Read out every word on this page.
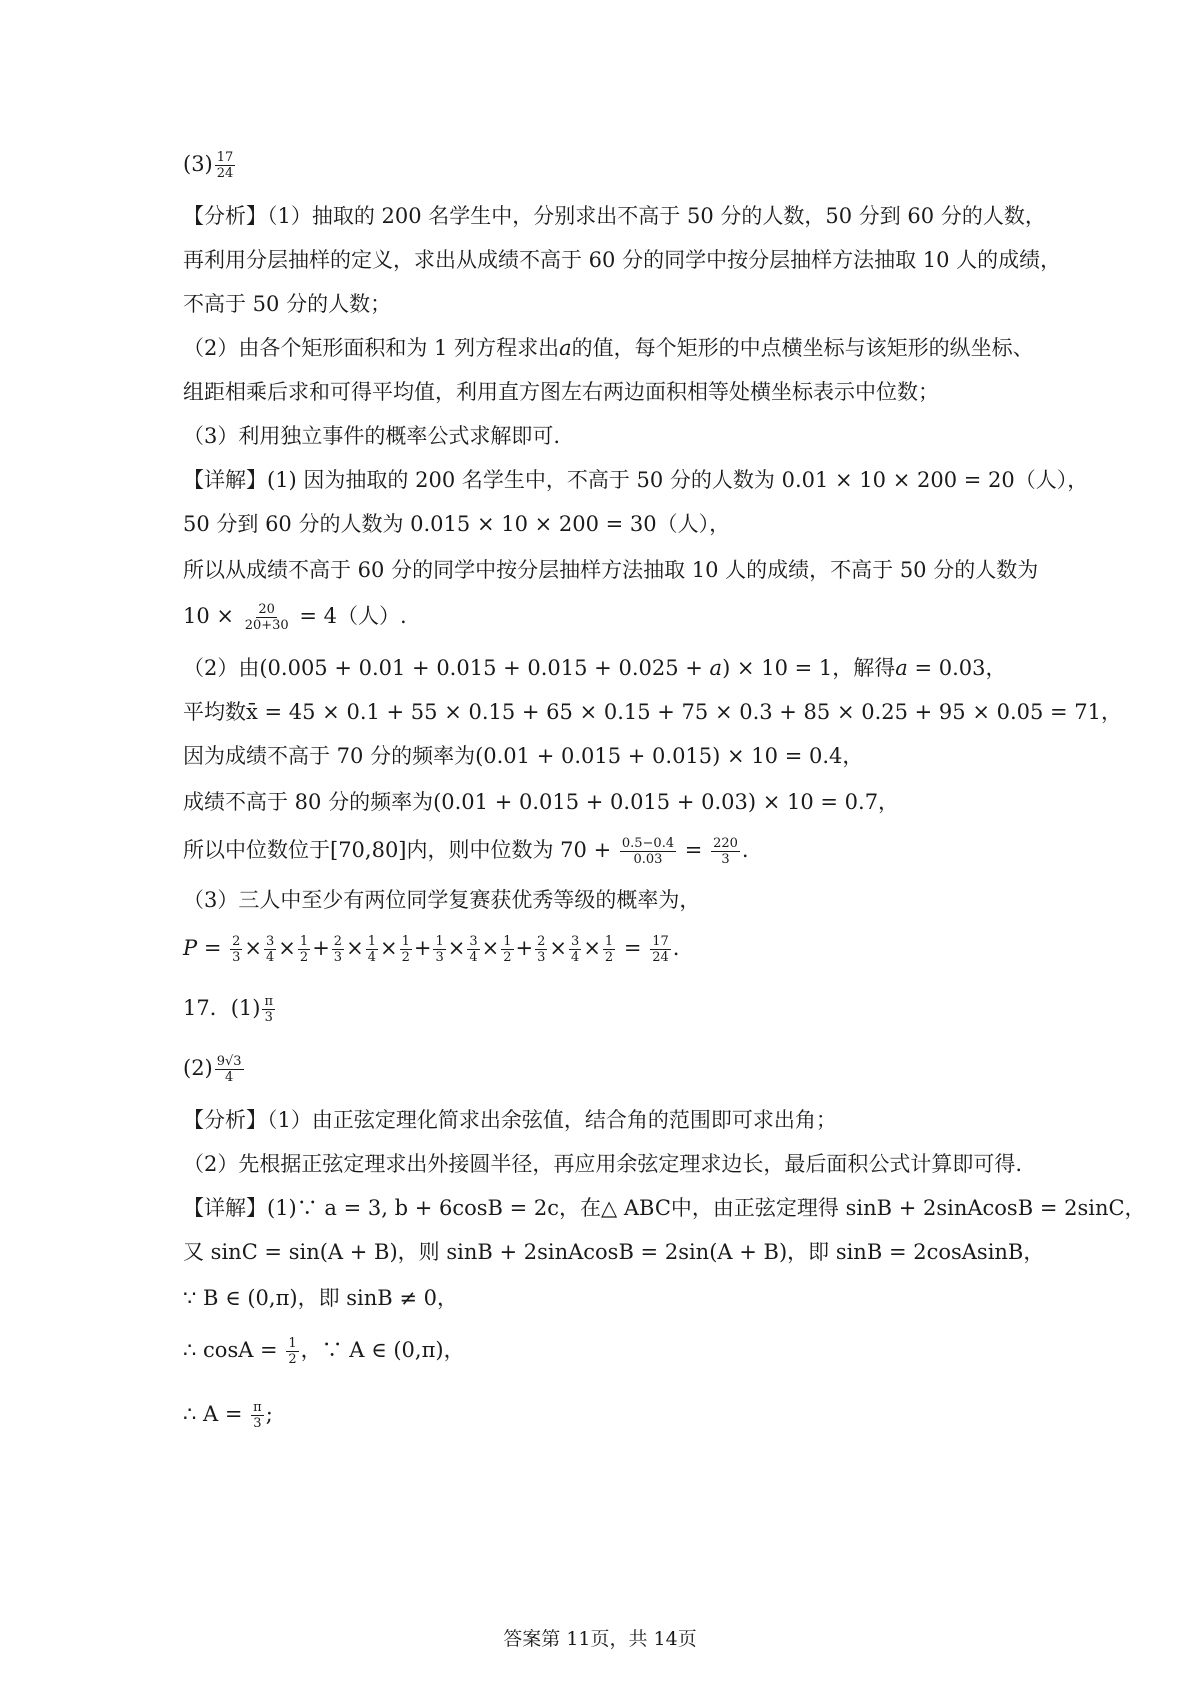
$(3) \frac{17}{24}$
【分析】（1）抽取的 200 名学生中，分别求出不高于 50 分的人数，50 分到 60 分的人数，
再利用分层抽样的定义，求出从成绩不高于 60 分的同学中按分层抽样方法抽取 10 人的成绩，
不高于 50 分的人数；
（2）由各个矩形面积和为 1 列方程求出a的值，每个矩形的中点横坐标与该矩形的纵坐标、
组距相乘后求和可得平均值，利用直方图左右两边面积相等处横坐标表示中位数；
（3）利用独立事件的概率公式求解即可.
【详解】(1) 因为抽取的 200 名学生中，不高于 50 分的人数为 0.01 × 10 × 200 = 20（人），
50 分到 60 分的人数为 0.015 × 10 × 200 = 30（人），
所以从成绩不高于 60 分的同学中按分层抽样方法抽取 10 人的成绩，不高于 50 分的人数为
$10 \times \frac{20}{20+30} = 4$（人）.
（2）由(0.005 + 0.01 + 0.015 + 0.015 + 0.025 + a) × 10 = 1，解得a = 0.03，
平均数x̄ = 45 × 0.1 + 55 × 0.15 + 65 × 0.15 + 75 × 0.3 + 85 × 0.25 + 95 × 0.05 = 71，
因为成绩不高于 70 分的频率为(0.01 + 0.015 + 0.015) × 10 = 0.4，
成绩不高于 80 分的频率为(0.01 + 0.015 + 0.015 + 0.03) × 10 = 0.7，
所以中位数位于[70,80]内，则中位数为 $70 + \frac{0.5-0.4}{0.03} = \frac{220}{3}$ .
（3）三人中至少有两位同学复赛获优秀等级的概率为，
$P = \frac{2}{3} \times \frac{3}{4} \times \frac{1}{2} + \frac{2}{3} \times \frac{1}{4} \times \frac{1}{2} + \frac{1}{3} \times \frac{3}{4} \times \frac{1}{2} + \frac{2}{3} \times \frac{3}{4} \times \frac{1}{2} = \frac{17}{24}$ .
17．$(1) \frac{\pi}{3}$
$(2) \frac{9√3}{4}$
【分析】（1）由正弦定理化简求出余弦值，结合角的范围即可求出角；
（2）先根据正弦定理求出外接圆半径，再应用余弦定理求边长，最后面积公式计算即可得.
【详解】(1)∵ a = 3, b + 6cosB = 2c，在△ ABC中，由正弦定理得 sinB + 2sinAcosB = 2sinC，
又 sinC = sin(A + B)，则 sinB + 2sinAcosB = 2sin(A + B)，即 sinB = 2cosAsinB，
∵ B ∈ (0,π)，即 sinB ≠ 0，
∴ $\cos A = \frac{1}{2}$ ，∵ A ∈ (0,π)，
∴ $A = \frac{\pi}{3}$ ;
答案第 11页，共 14页
